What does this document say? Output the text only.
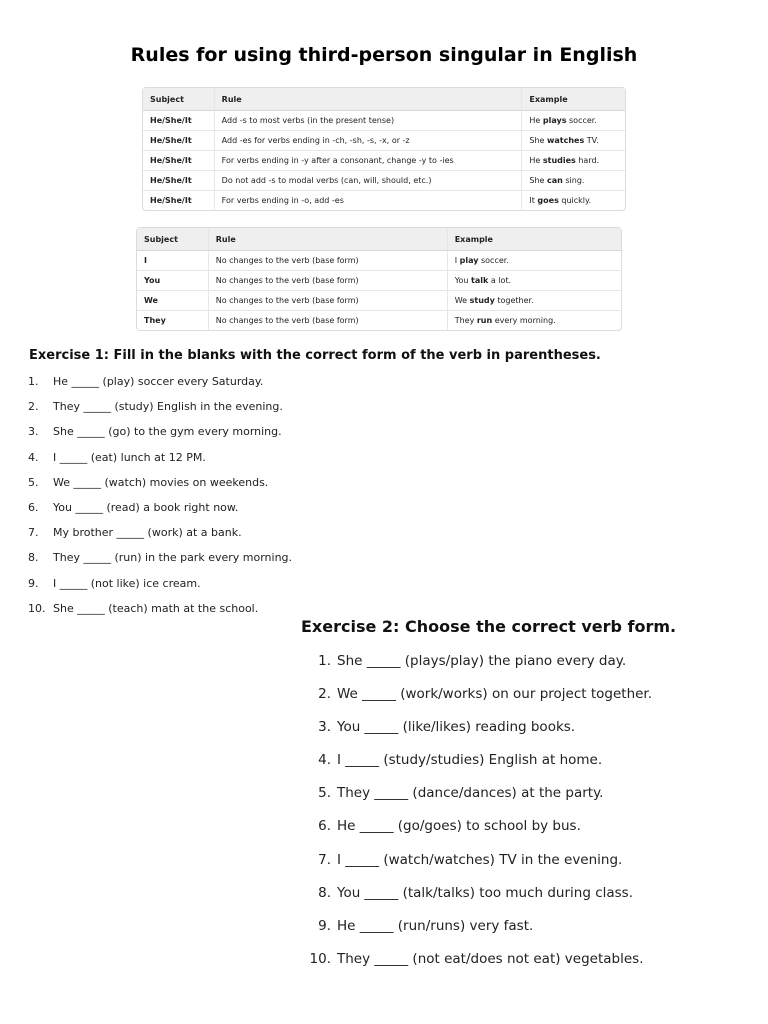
Rules for using third-person singular in English
Subject	Rule	Example
He/She/It	Add -s to most verbs (in the present tense)	He plays soccer.
He/She/It	Add -es for verbs ending in -ch, -sh, -s, -x, or -z	She watches TV.
He/She/It	For verbs ending in -y after a consonant, change -y to -ies	He studies hard.
He/She/It	Do not add -s to modal verbs (can, will, should, etc.)	She can sing.
He/She/It	For verbs ending in -o, add -es	It goes quickly.
Subject	Rule	Example
I	No changes to the verb (base form)	I play soccer.
You	No changes to the verb (base form)	You talk a lot.
We	No changes to the verb (base form)	We study together.
They	No changes to the verb (base form)	They run every morning.
Exercise 1: Fill in the blanks with the correct form of the verb in parentheses.
1. He _____ (play) soccer every Saturday.
2. They _____ (study) English in the evening.
3. She _____ (go) to the gym every morning.
4. I _____ (eat) lunch at 12 PM.
5. We _____ (watch) movies on weekends.
6. You _____ (read) a book right now.
7. My brother _____ (work) at a bank.
8. They _____ (run) in the park every morning.
9. I _____ (not like) ice cream.
10. She _____ (teach) math at the school.
Exercise 2: Choose the correct verb form.
1. She _____ (plays/play) the piano every day.
2. We _____ (work/works) on our project together.
3. You _____ (like/likes) reading books.
4. I _____ (study/studies) English at home.
5. They _____ (dance/dances) at the party.
6. He _____ (go/goes) to school by bus.
7. I _____ (watch/watches) TV in the evening.
8. You _____ (talk/talks) too much during class.
9. He _____ (run/runs) very fast.
10. They _____ (not eat/does not eat) vegetables.
